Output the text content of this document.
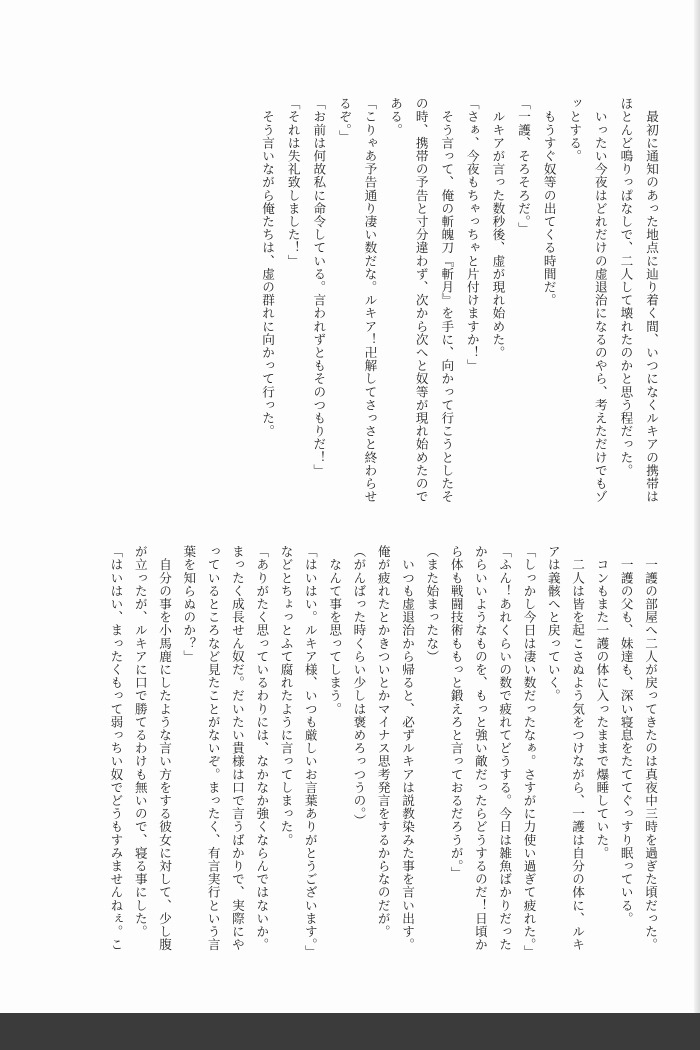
　最初に通知のあった地点に辿り着く間、いつになくルキアの携帯は
ほとんど鳴りっぱなしで、二人して壊れたのかと思う程だった。
　いったい今夜はどれだけの虚退治になるのやら、考えただけでもゾ
ッとする。
　もうすぐ奴等の出てくる時間だ。
「一護、そろそろだ。」
　ルキアが言った数秒後、虚が現れ始めた。
「さぁ、今夜もちゃっちゃと片付けますか！」
　そう言って、俺の斬魄刀『斬月』を手に、向かって行こうとしたそ
の時、携帯の予告と寸分違わず、次から次へと奴等が現れ始めたので
ある。
「こりゃあ予告通り凄い数だな。ルキア！卍解してさっさと終わらせ
るぞ。」
「お前は何故私に命令している。言われずともそのつもりだ！」
「それは失礼致しました！」
　そう言いながら俺たちは、虚の群れに向かって行った。
　一護の部屋へ二人が戻ってきたのは真夜中三時を過ぎた頃だった。
　一護の父も、妹達も、深い寝息をたててぐっすり眠っている。
　コンもまた一護の体に入ったままで爆睡していた。
　二人は皆を起こさぬよう気をつけながら、一護は自分の体に、ルキ
アは義骸へと戻っていく。
「しっかし今日は凄い数だったなぁ。さすがに力使い過ぎて疲れた。」
「ふん！あれくらいの数で疲れてどうする。今日は雑魚ばかりだった
からいいようなものを、もっと強い敵だったらどうするのだ！日頃か
ら体も戦闘技術ももっと鍛えろと言っておるだろうが。」
（また始まったな）
　いつも虚退治から帰ると、必ずルキアは説教染みた事を言い出す。
俺が疲れたとかきついとかマイナス思考発言をするからなのだが。
（がんばった時くらい少しは褒めろっつうの。）
　なんて事を思ってしまう。
「はいはい。ルキア様、いつも厳しいお言葉ありがとうございます。」
などとちょっとふて腐れたように言ってしまった。
「ありがたく思っているわりには、なかなか強くならんではないか。
まったく成長せん奴だ。だいたい貴様は口で言うばかりで、実際にや
っているところなど見たことがないぞ。まったく、有言実行という言
葉を知らぬのか？」
　自分の事を小馬鹿にしたような言い方をする彼女に対して、少し腹
が立ったが、ルキアに口で勝てるわけも無いので、寝る事にした。
「はいはい、まったくもって弱っちい奴でどうもすみませんねぇ。こ
